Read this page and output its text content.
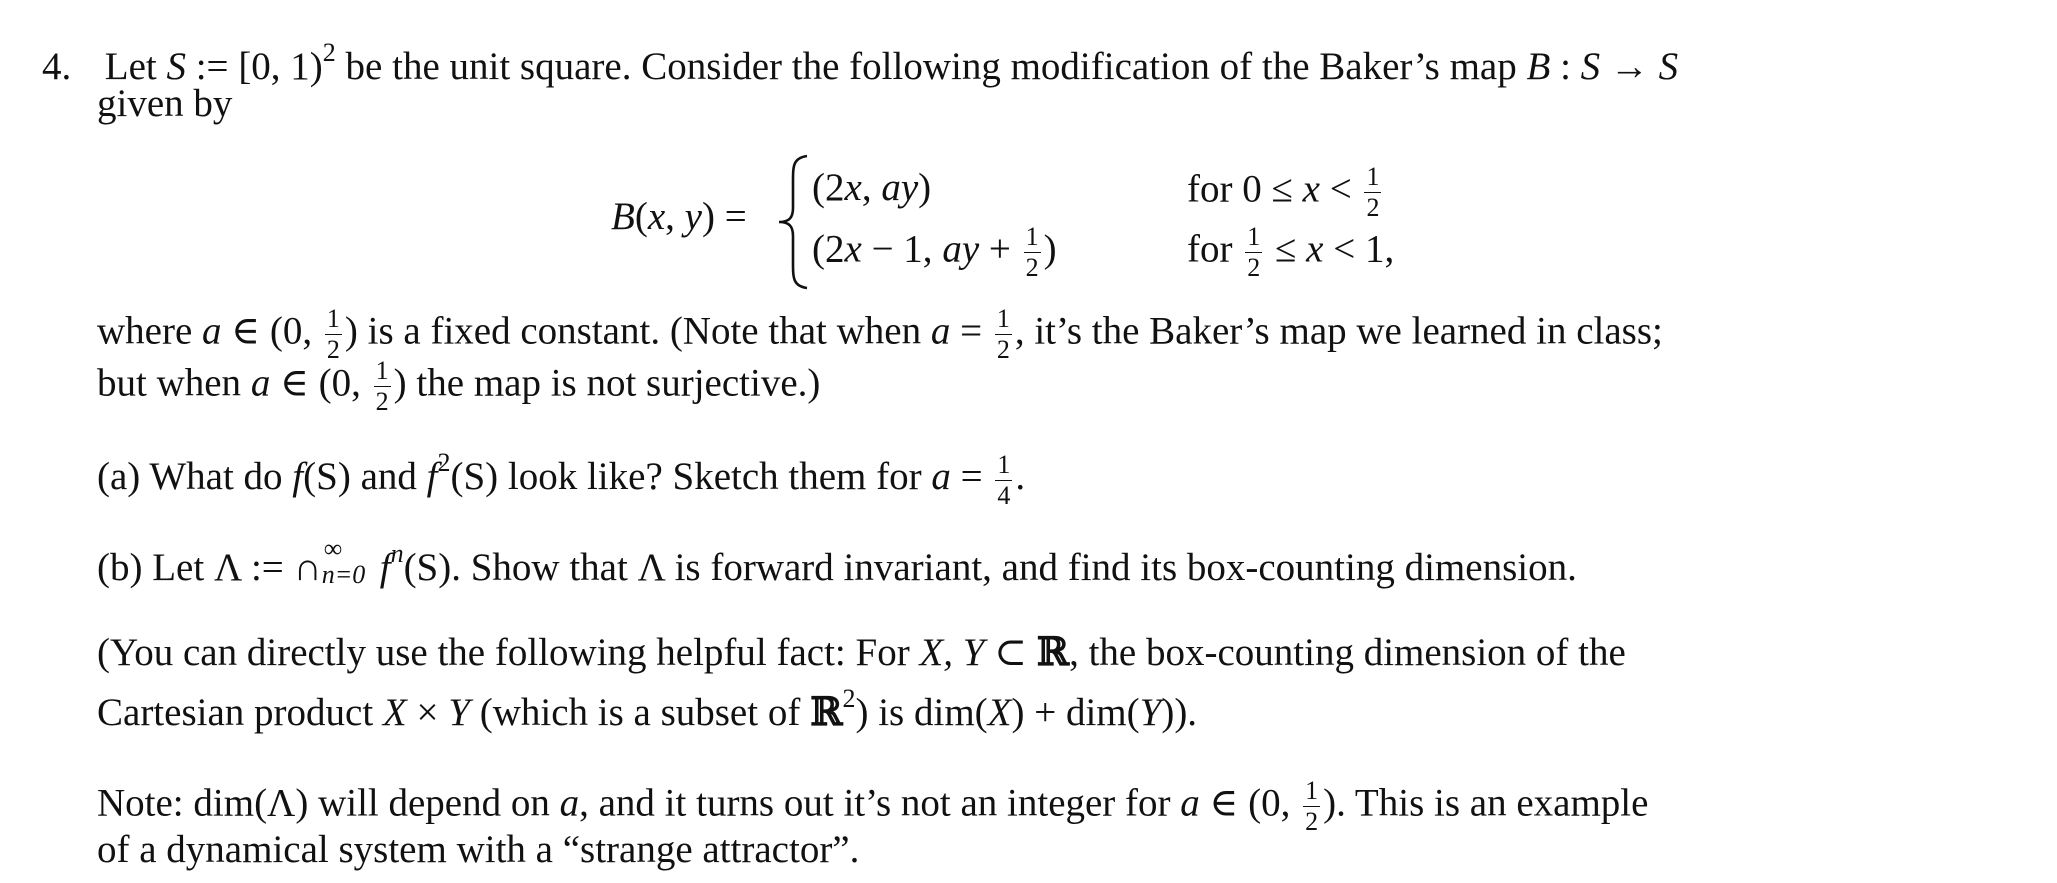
4. Let S := [0, 1)$^2$ be the unit square. Consider the following modification of the Baker’s map B : S → S
given by
B(x, y) =
(2x, ay)	for $0 \le x < \frac{1}{2}$
(2x − 1, ay + $\frac{1}{2}$ )	for $\frac{1}{2} \le x < 1$,
where a ∈ (0, $\frac{1}{2}$ ) is a fixed constant. (Note that when $a = \frac{1}{2}$ , it’s the Baker’s map we learned in class;
but when a ∈ (0, $\frac{1}{2}$ ) the map is not surjective.)
(a) What do f(S) and $f^2(S)$ look like? Sketch them for $a = \frac{1}{4}$ .
(b) Let Λ := ∩ ∞
n=0 $f^n(S)$. Show that Λ is forward invariant, and find its box-counting dimension.
(You can directly use the following helpful fact: For X, Y ⊂ ℝ, the box-counting dimension of the
Cartesian product X × Y (which is a subset of ℝ$^2$) is dim(X) + dim(Y)).
Note: dim(Λ) will depend on a, and it turns out it’s not an integer for a ∈ (0, $\frac{1}{2}$ ). This is an example
of a dynamical system with a “strange attractor”.
